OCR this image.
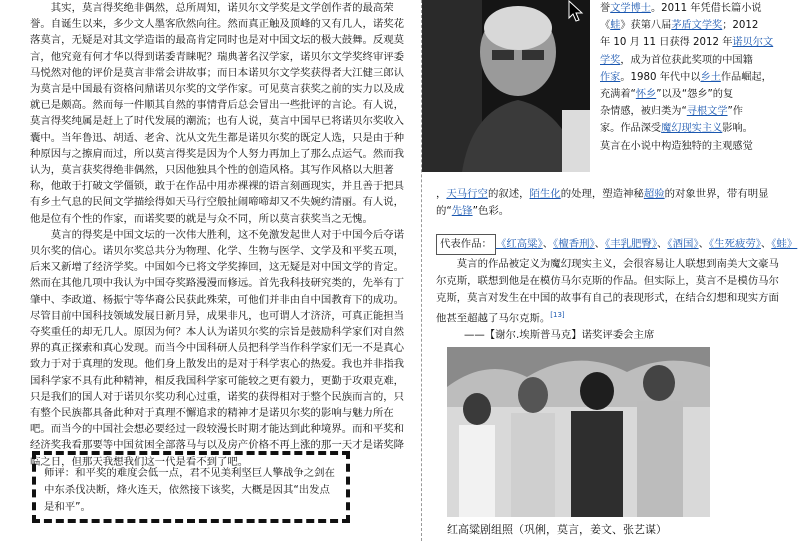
其实，莫言得奖绝非偶然，总所周知，诺贝尔文学奖是文学创作者的最高荣誉。自诞生以来，多少文人墨客欣然向往。然而真正触及顶峰的又有几人，诺奖花落莫言，无疑是对其文学造诣的最高肯定同时也是对中国文坛的极大鼓舞。反观莫言，他究竟有何才华以得到诺委青睐呢？瑞典著名汉学家，诺贝尔文学奖终审评委马悦然对他的评价是莫言非常会讲故事；而日本诺贝尔文学奖获得者大江健三郎认为莫言是中国最有资格问鼎诺贝尔奖的文学作家。可见莫言获奖之前的实力以及成就已是颇高。然而每一件顺其自然的事情背后总会冒出一些批评的言论。有人说，莫言得奖纯属是赶上了时代发展的潮流；也有人说，莫言中国早已将诺贝尔奖收入囊中。当年鲁迅、胡适、老舍、沈从文先生都是诺贝尔奖的既定人选，只是由于种种原因与之擦肩而过，所以莫言得奖是因为个人努力再加上了那么点运气。然而我认为，莫言获奖得绝非偶然，只因他独具个性的创造风格。其写作风格以大胆著称，他敢于打破文学僵锁，敢于在作品中用赤裸裸的语言刻画现实，并且善于把具有乡土气息的民间文学描绘得如天马行空般扯闹啼啼却又不失婉约清丽。有人说，他是位有个性的作家，而诺奖要的就是与众不同，所以莫言获奖当之无愧。

莫言的得奖是中国文坛的一次伟大胜利，这不免激发起世人对于中国今后夺诺贝尔奖的信心。诺贝尔奖总共分为物理、化学、生物与医学、文学及和平奖五项，后来又新增了经济学奖。中国如今已将文学奖捧回，这无疑是对中国文学的肯定。然而在其他几项中我认为中国夺奖路漫漫而修远。首先我科技研究类的，先举有丁肇中、李政道、杨振宁等华裔公民获此殊荣，可他们并非由自中国教育下的成功。尽管目前中国科技领域发展日新月异，成果非凡，也可谓人才济济，可真正能担当夺奖重任的却无几人。原因为何？本人认为诺贝尔奖的宗旨是鼓励科学家们对自然界的真正探索和真心发现。而当今中国科研人员把科学当作科学家们无一不是真心致力于对于真理的发现。他们身上散发出的是对于科学衷心的热爱。我也并非指我国科学家不具有此种精神，相反我国科学家可能较之更有毅力，更勤于攻艰克难，只是我们的国人对于诺贝尔奖功利心过重，诺奖的获得相对于整个民族而言的，只有整个民族都具备此种对于真理不懈追求的精神才是诺贝尔奖的影响与魅力所在吧。而当今的中国社会想必要经过一段较漫长时期才能达到此种境界。而和平奖和经济奖我看那要等中国贫困全部落马与以及房产价格不再上涨的那一天才是诺奖降临之日，但那天我想我们这一代是看不到了吧。

师评：和平奖的难度会低一点，君不见美利坚巨人擎战争之剑在中东杀伐决断，烽火连天，依然接下该奖，大概是因其“出发点是和平”。

誉文学博士。2011 年凭借长篇小说

《蛙》获第八届茅盾文学奖；2012

年 10 月 11 日获得 2012 年诺贝尔文

学奖，成为首位获此奖项的中国籍

作家。1980 年代中以乡土作品崛起，

充满着“怀乡”以及“怨乡”的复

杂情感，被归类为“寻根文学”作

家。作品深受魔幻现实主义影响。

莫言在小说中构造独特的主观感觉

，天马行空的叙述，陌生化的处理，塑造神秘超验的对象世界，带有明显的“先锋”色彩。

代表作品： 《红高粱》、《檀香刑》、《丰乳肥臀》、《酒国》、《生死疲劳》、《蛙》

莫言的作品被定义为魔幻现实主义，会很容易让人联想到南美大文豪马尔克斯，联想到他是在模仿马尔克斯的作品。但实际上，莫言不是模仿马尔克斯，莫言对发生在中国的故事有自己的表现形式，在结合幻想和现实方面他甚至超越了马尔克斯。[13]

——【谢尔.埃斯普马克】诺奖评委会主席

红高粱剧组照（巩俐，莫言，姜文、张艺谋）
